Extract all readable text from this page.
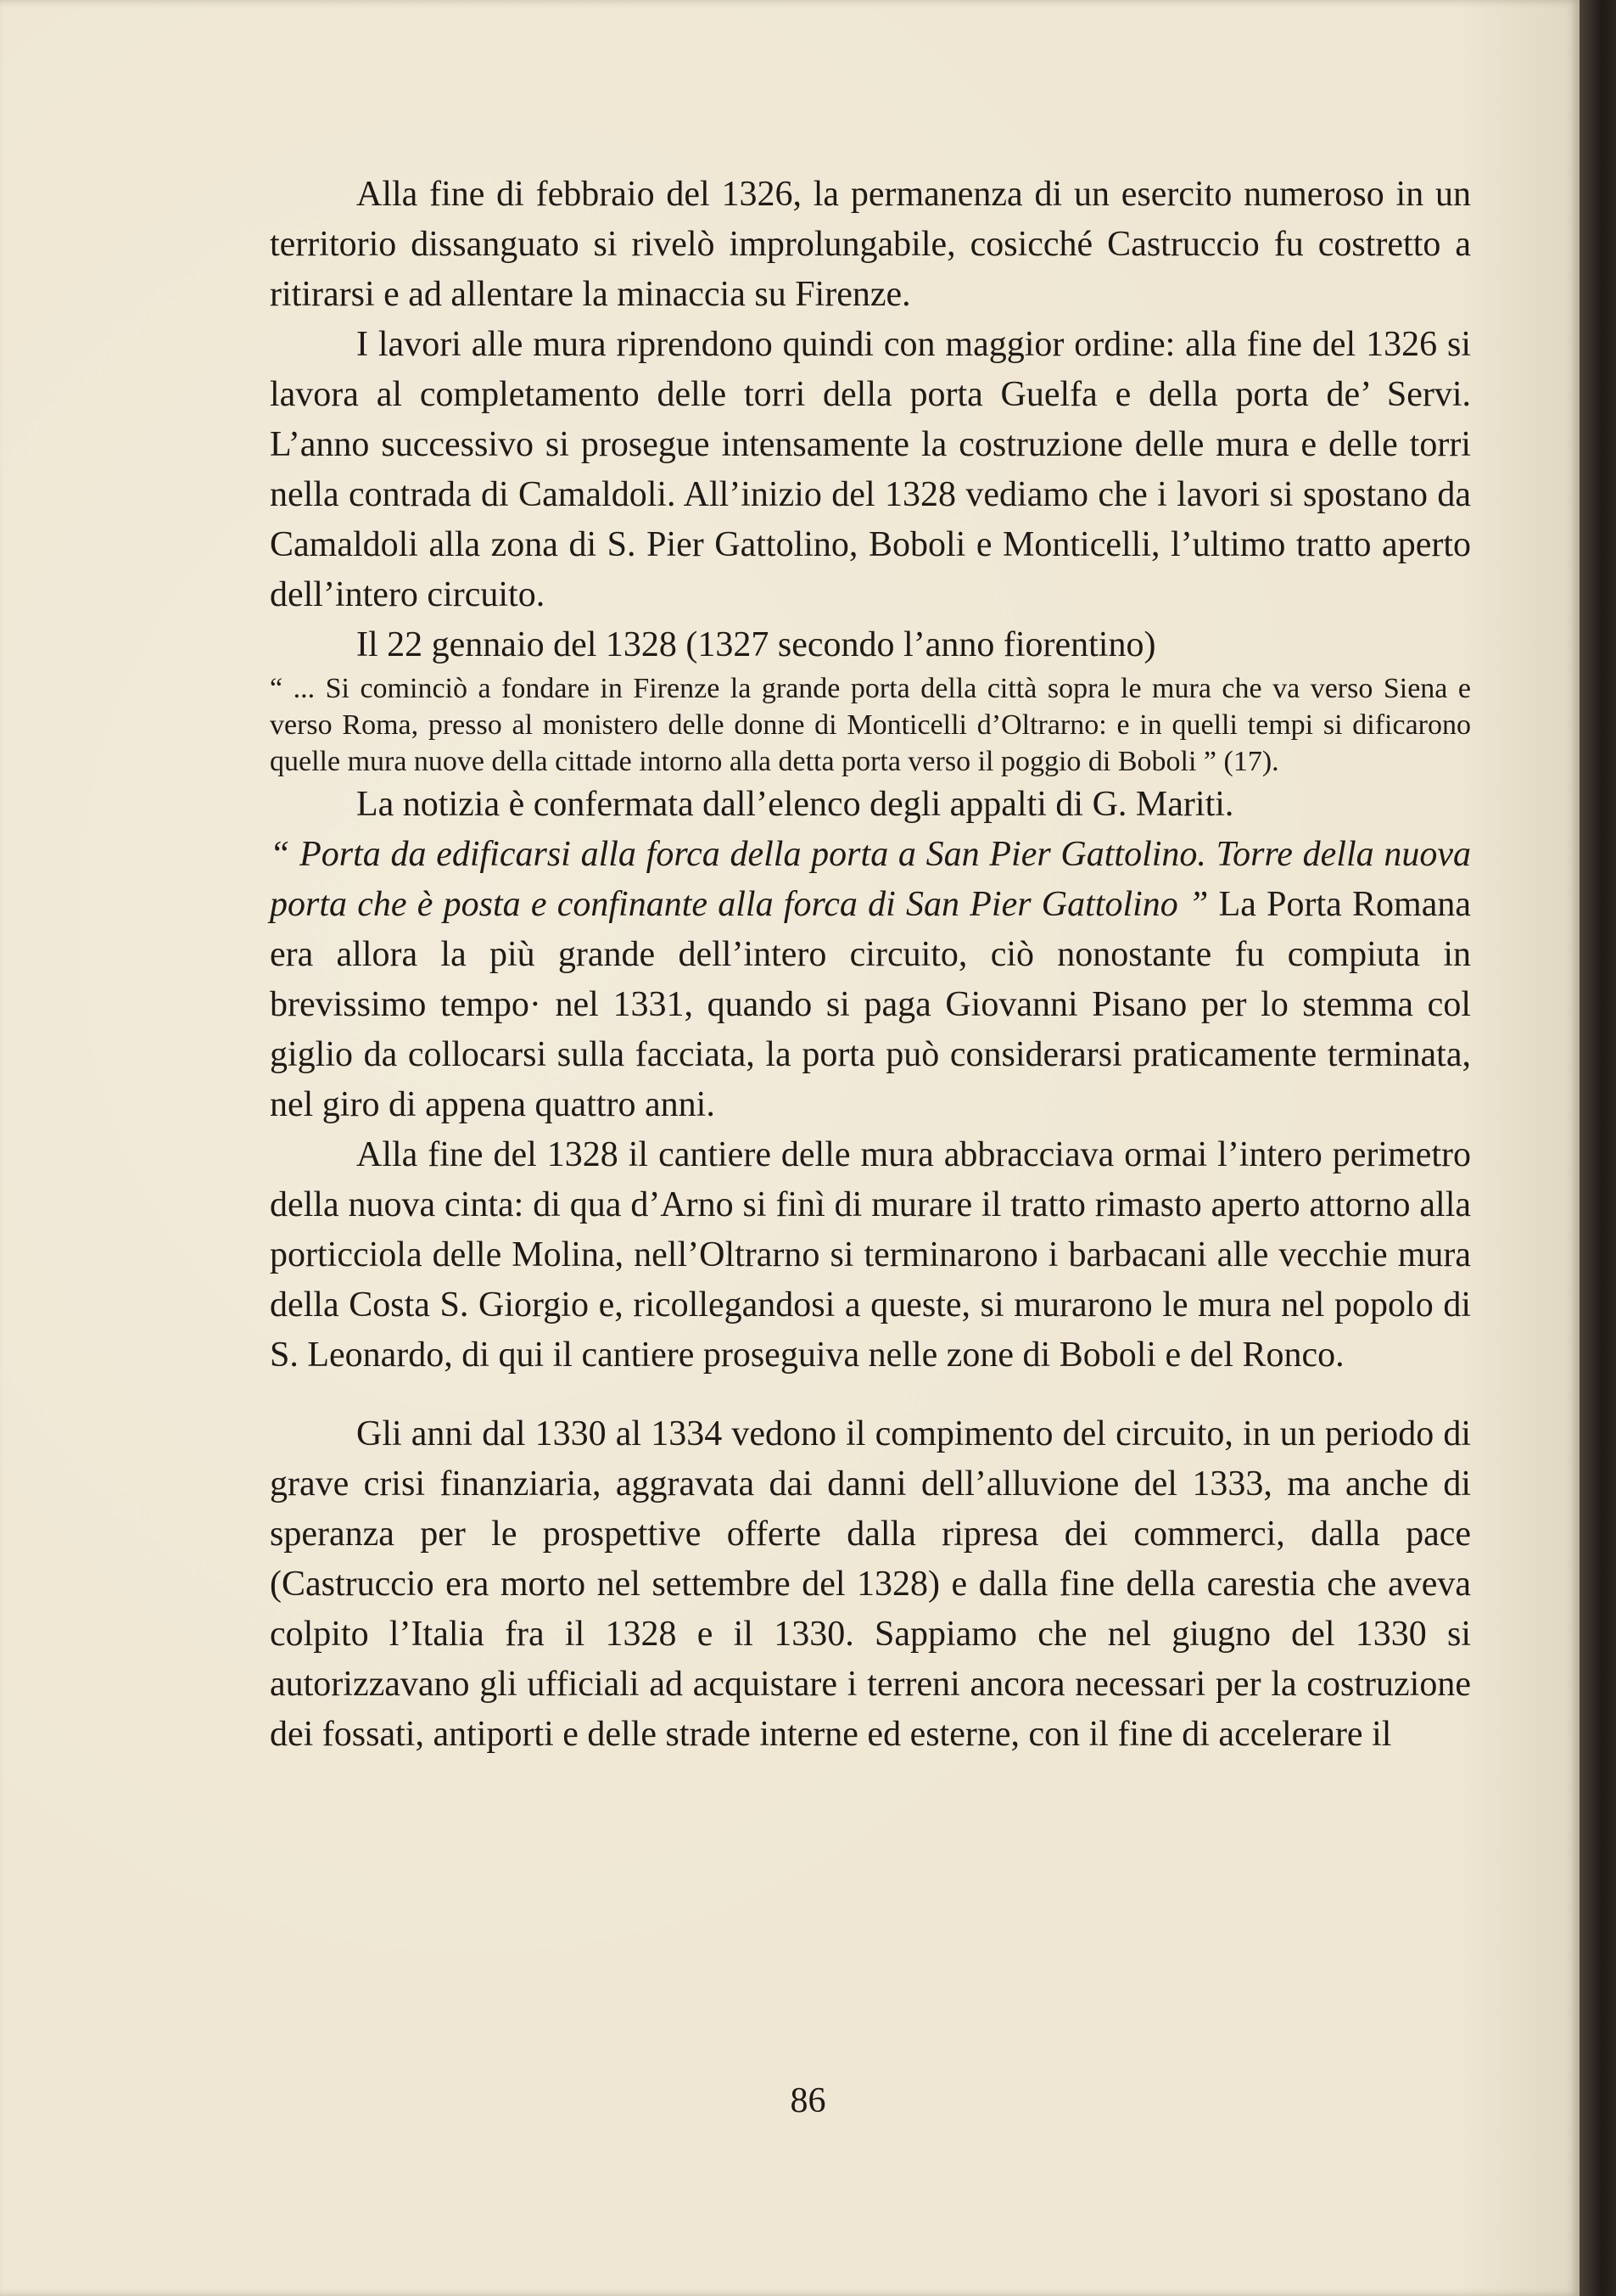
Alla fine di febbraio del 1326, la permanenza di un esercito numeroso in un territorio dissanguato si rivelò improlungabile, cosicché Castruccio fu costretto a ritirarsi e ad allentare la minaccia su Firenze.

I lavori alle mura riprendono quindi con maggior ordine: alla fine del 1326 si lavora al completamento delle torri della porta Guelfa e della porta de’ Servi. L’anno successivo si prosegue intensamente la costruzione delle mura e delle torri nella contrada di Camaldoli. All’inizio del 1328 vediamo che i lavori si spostano da Camaldoli alla zona di S. Pier Gattolino, Boboli e Monticelli, l’ultimo tratto aperto dell’intero circuito.

Il 22 gennaio del 1328 (1327 secondo l’anno fiorentino)

“ ... Si cominciò a fondare in Firenze la grande porta della città sopra le mura che va verso Siena e verso Roma, presso al monistero delle donne di Monticelli d’Oltrarno: e in quelli tempi si dificarono quelle mura nuove della cittade intorno alla detta porta verso il poggio di Boboli ” (17).

La notizia è confermata dall’elenco degli appalti di G. Mariti.

“ Porta da edificarsi alla forca della porta a San Pier Gattolino. Torre della nuova porta che è posta e confinante alla forca di San Pier Gattolino ” La Porta Romana era allora la più grande dell’intero circuito, ciò nonostante fu compiuta in brevissimo tempo· nel 1331, quando si paga Giovanni Pisano per lo stemma col giglio da collocarsi sulla facciata, la porta può considerarsi praticamente terminata, nel giro di appena quattro anni.

Alla fine del 1328 il cantiere delle mura abbracciava ormai l’intero perimetro della nuova cinta: di qua d’Arno si finì di murare il tratto rimasto aperto attorno alla porticciola delle Molina, nell’Oltrarno si terminarono i barbacani alle vecchie mura della Costa S. Giorgio e, ricollegandosi a queste, si murarono le mura nel popolo di S. Leonardo, di qui il cantiere proseguiva nelle zone di Boboli e del Ronco.

Gli anni dal 1330 al 1334 vedono il compimento del circuito, in un periodo di grave crisi finanziaria, aggravata dai danni dell’alluvione del 1333, ma anche di speranza per le prospettive offerte dalla ripresa dei commerci, dalla pace (Castruccio era morto nel settembre del 1328) e dalla fine della carestia che aveva colpito l’Italia fra il 1328 e il 1330. Sappiamo che nel giugno del 1330 si autorizzavano gli ufficiali ad acquistare i terreni ancora necessari per la costruzione dei fossati, antiporti e delle strade interne ed esterne, con il fine di accelerare il

86
